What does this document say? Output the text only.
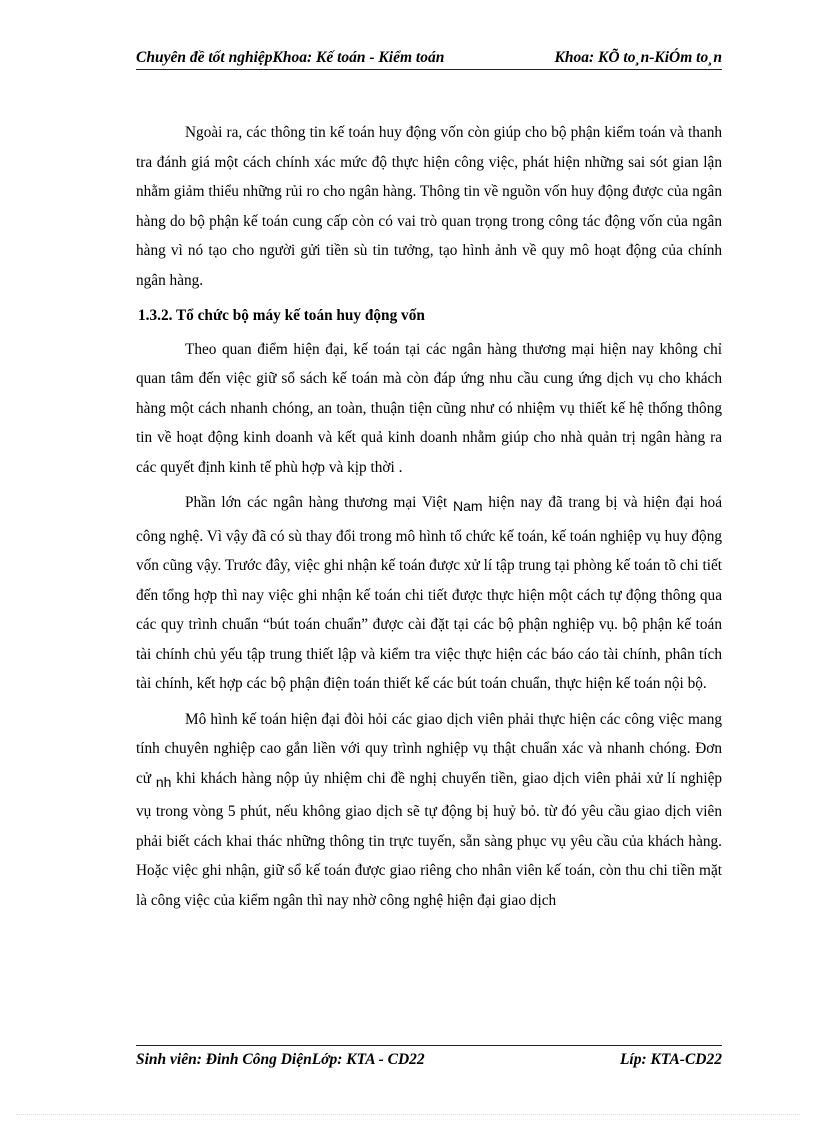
Chuyên đề tốt nghiệpKhoa: Kế toán - Kiểm toán	Khoa: KÕ to¸n-KiÓm to¸n

Ngoài ra, các thông tin kế toán huy động vốn còn giúp cho bộ phận kiểm toán và thanh tra đánh giá một cách chính xác mức độ thực hiện công việc, phát hiện những sai sót gian lận nhằm giảm thiểu những rủi ro cho ngân hàng. Thông tin về nguồn vốn huy động được của ngân hàng do bộ phận kế toán cung cấp còn có vai trò quan trọng trong công tác động vốn của ngân hàng vì nó tạo cho người gửi tiền sù tin tưởng, tạo hình ảnh về quy mô hoạt động của chính ngân hàng.

1.3.2. Tổ chức bộ máy kế toán huy động vốn

Theo quan điểm hiện đại, kế toán tại các ngân hàng thương mại hiện nay không chỉ quan tâm đến việc giữ sổ sách kế toán mà còn đáp ứng nhu cầu cung ứng dịch vụ cho khách hàng một cách nhanh chóng, an toàn, thuận tiện cũng như có nhiệm vụ thiết kế hệ thống thông tin về hoạt động kinh doanh và kết quả kinh doanh nhằm giúp cho nhà quản trị ngân hàng ra các quyết định kinh tế phù hợp và kịp thời .

Phần lớn các ngân hàng thương mại Việt Nam hiện nay đã trang bị và hiện đại hoá công nghệ. Vì vậy đã có sù thay đổi trong mô hình tổ chức kế toán, kế toán nghiệp vụ huy động vốn cũng vậy. Trước đây, việc ghi nhận kế toán được xử lí tập trung tại phòng kế toán tõ chi tiết đến tổng hợp thì nay việc ghi nhận kế toán chi tiết được thực hiện một cách tự động thông qua các quy trình chuẩn “bút toán chuẩn” được cài đặt tại các bộ phận nghiệp vụ. bộ phận kế toán tài chính chủ yếu tập trung thiết lập và kiểm tra việc thực hiện các báo cáo tài chính, phân tích tài chính, kết hợp các bộ phận điện toán thiết kế các bút toán chuẩn, thực hiện kế toán nội bộ.

Mô hình kế toán hiện đại đòi hỏi các giao dịch viên phải thực hiện các công việc mang tính chuyên nghiệp cao gắn liền với quy trình nghiệp vụ thật chuẩn xác và nhanh chóng. Đơn cử nh khi khách hàng nộp ủy nhiệm chi đề nghị chuyển tiền, giao dịch viên phải xử lí nghiệp vụ trong vòng 5 phút, nếu không giao dịch sẽ tự động bị huỷ bỏ. từ đó yêu cầu giao dịch viên phải biết cách khai thác những thông tin trực tuyến, sẵn sàng phục vụ yêu cầu của khách hàng. Hoặc việc ghi nhận, giữ sổ kế toán được giao riêng cho nhân viên kế toán, còn thu chi tiền mặt là công việc của kiểm ngân thì nay nhờ công nghệ hiện đại giao dịch

Sinh viên: Đinh Công DiệnLớp: KTA - CD22	Líp: KTA-CD22
